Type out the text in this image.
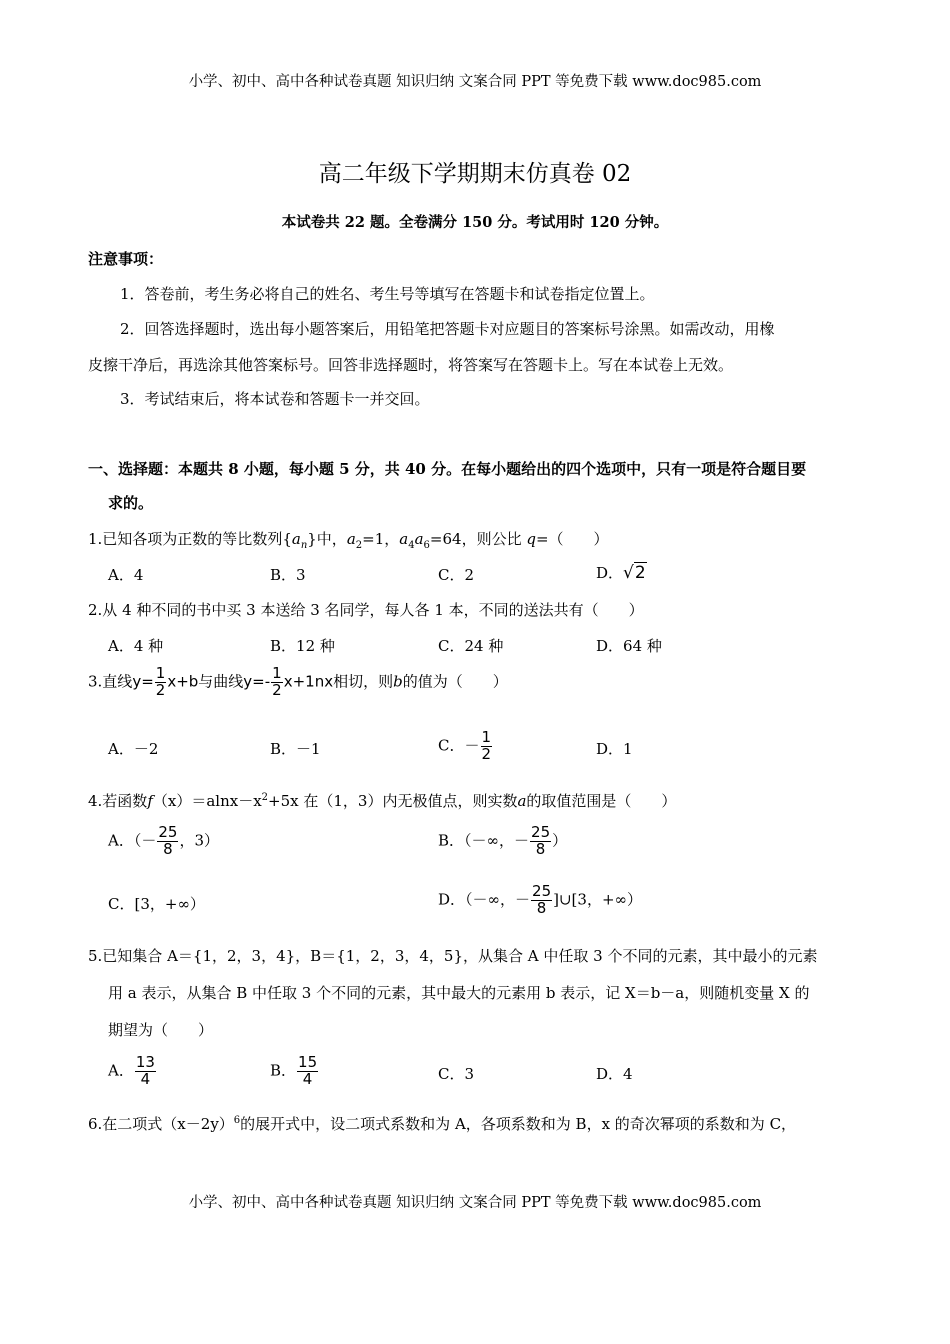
小学、初中、高中各种试卷真题 知识归纳 文案合同 PPT 等免费下载 www.doc985.com
高二年级下学期期末仿真卷 02
本试卷共 22 题。全卷满分 150 分。考试用时 120 分钟。
注意事项：
1．答卷前，考生务必将自己的姓名、考生号等填写在答题卡和试卷指定位置上。
2．回答选择题时，选出每小题答案后，用铅笔把答题卡对应题目的答案标号涂黑。如需改动，用橡
皮擦干净后，再选涂其他答案标号。回答非选择题时，将答案写在答题卡上。写在本试卷上无效。
3．考试结束后，将本试卷和答题卡一并交回。
一、选择题：本题共 8 小题，每小题 5 分，共 40 分。在每小题给出的四个选项中，只有一项是符合题目要
求的。
1.已知各项为正数的等比数列$\{a_n\}$中，$a_2=1$，$a_4a_6=64$，则公比 q=（　　）
A．4	B．3	C．2	D．√2
2.从 4 种不同的书中买 3 本送给 3 名同学，每人各 1 本，不同的送法共有（　　）
A．4 种	B．12 种	C．24 种	D．64 种
3.直线$y= \frac{1}{2} x+b$与曲线$y=- \frac{1}{2} x+1nx$相切，则b的值为（　　）
A．－2	B．－1	C．－ $\frac{1}{2}$	D．1
4.若函数$f(x)=alnx-x^2+5x$ 在（1，3）内无极值点，则实数a的取值范围是（　　）
A．（－ $\frac{25}{8}$ ，3）	B．（－∞，－ $\frac{25}{8}$ ）
C．[3，+∞）	D．（－∞，－ $\frac{25}{8}$ ]∪[3，+∞）
5.已知集合 A＝{1，2，3，4}，B＝{1，2，3，4，5}，从集合 A 中任取 3 个不同的元素，其中最小的元素
用 a 表示，从集合 B 中任取 3 个不同的元素，其中最大的元素用 b 表示，记 X＝b－a，则随机变量 X 的
期望为（　　）
A． $\frac{13}{4}$	B． $\frac{15}{4}$	C．3	D．4
6.在二项式$(x-2y)^6$的展开式中，设二项式系数和为 A，各项系数和为 B，x 的奇次幂项的系数和为 C，
小学、初中、高中各种试卷真题 知识归纳 文案合同 PPT 等免费下载 www.doc985.com
